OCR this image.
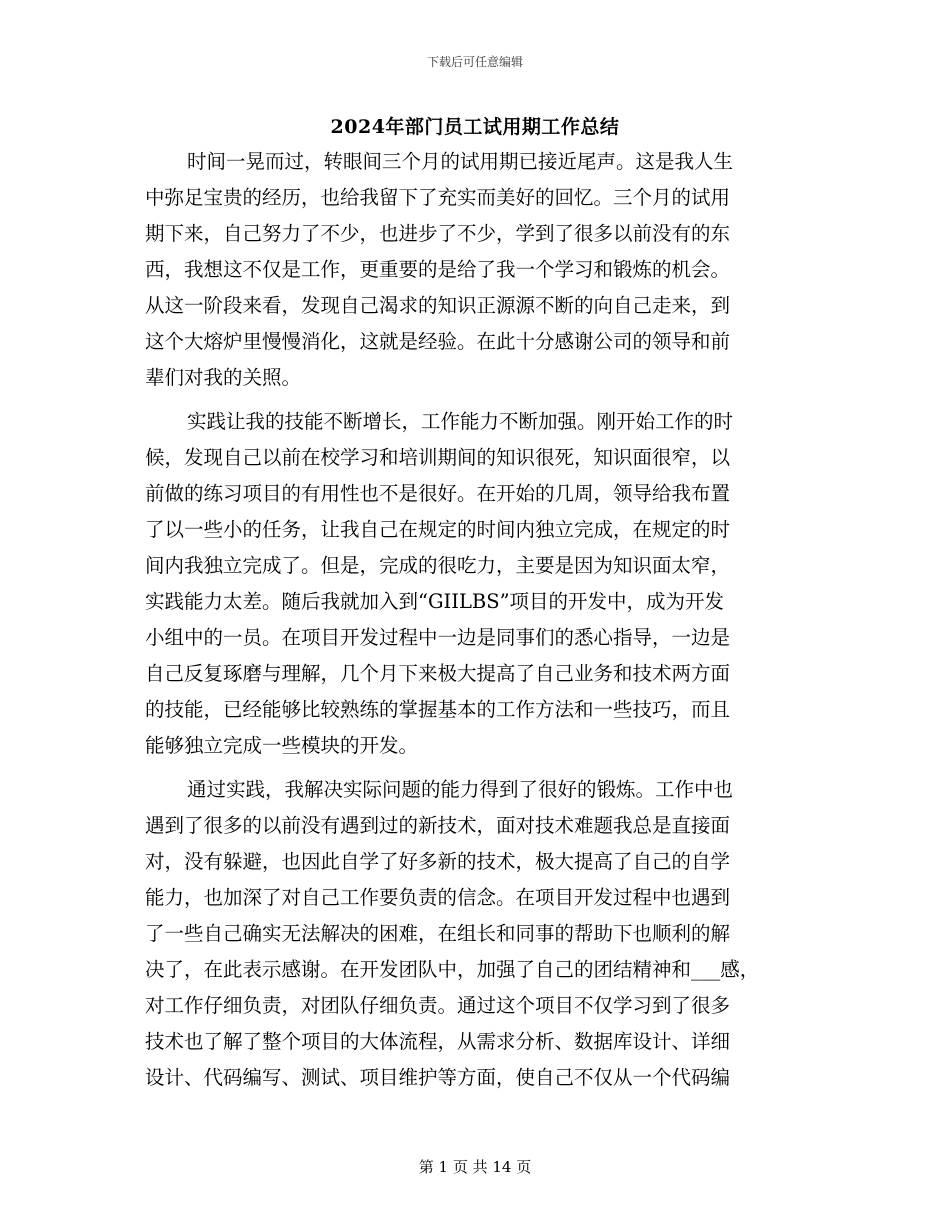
下载后可任意编辑
2024年部门员工试用期工作总结
时间一晃而过，转眼间三个月的试用期已接近尾声。这是我人生
中弥足宝贵的经历，也给我留下了充实而美好的回忆。三个月的试用
期下来，自己努力了不少，也进步了不少，学到了很多以前没有的东
西，我想这不仅是工作，更重要的是给了我一个学习和锻炼的机会。
从这一阶段来看，发现自己渴求的知识正源源不断的向自己走来，到
这个大熔炉里慢慢消化，这就是经验。在此十分感谢公司的领导和前
辈们对我的关照。
实践让我的技能不断增长，工作能力不断加强。刚开始工作的时
候，发现自己以前在校学习和培训期间的知识很死，知识面很窄，以
前做的练习项目的有用性也不是很好。在开始的几周，领导给我布置
了以一些小的任务，让我自己在规定的时间内独立完成，在规定的时
间内我独立完成了。但是，完成的很吃力，主要是因为知识面太窄，
实践能力太差。随后我就加入到“GIILBS”项目的开发中，成为开发
小组中的一员。在项目开发过程中一边是同事们的悉心指导，一边是
自己反复琢磨与理解，几个月下来极大提高了自己业务和技术两方面
的技能，已经能够比较熟练的掌握基本的工作方法和一些技巧，而且
能够独立完成一些模块的开发。
通过实践，我解决实际问题的能力得到了很好的锻炼。工作中也
遇到了很多的以前没有遇到过的新技术，面对技术难题我总是直接面
对，没有躲避，也因此自学了好多新的技术，极大提高了自己的自学
能力，也加深了对自己工作要负责的信念。在项目开发过程中也遇到
了一些自己确实无法解决的困难，在组长和同事的帮助下也顺利的解
决了，在此表示感谢。在开发团队中，加强了自己的团结精神和___感，
对工作仔细负责，对团队仔细负责。通过这个项目不仅学习到了很多
技术也了解了整个项目的大体流程，从需求分析、数据库设计、详细
设计、代码编写、测试、项目维护等方面，使自己不仅从一个代码编
第 1 页 共 14 页
